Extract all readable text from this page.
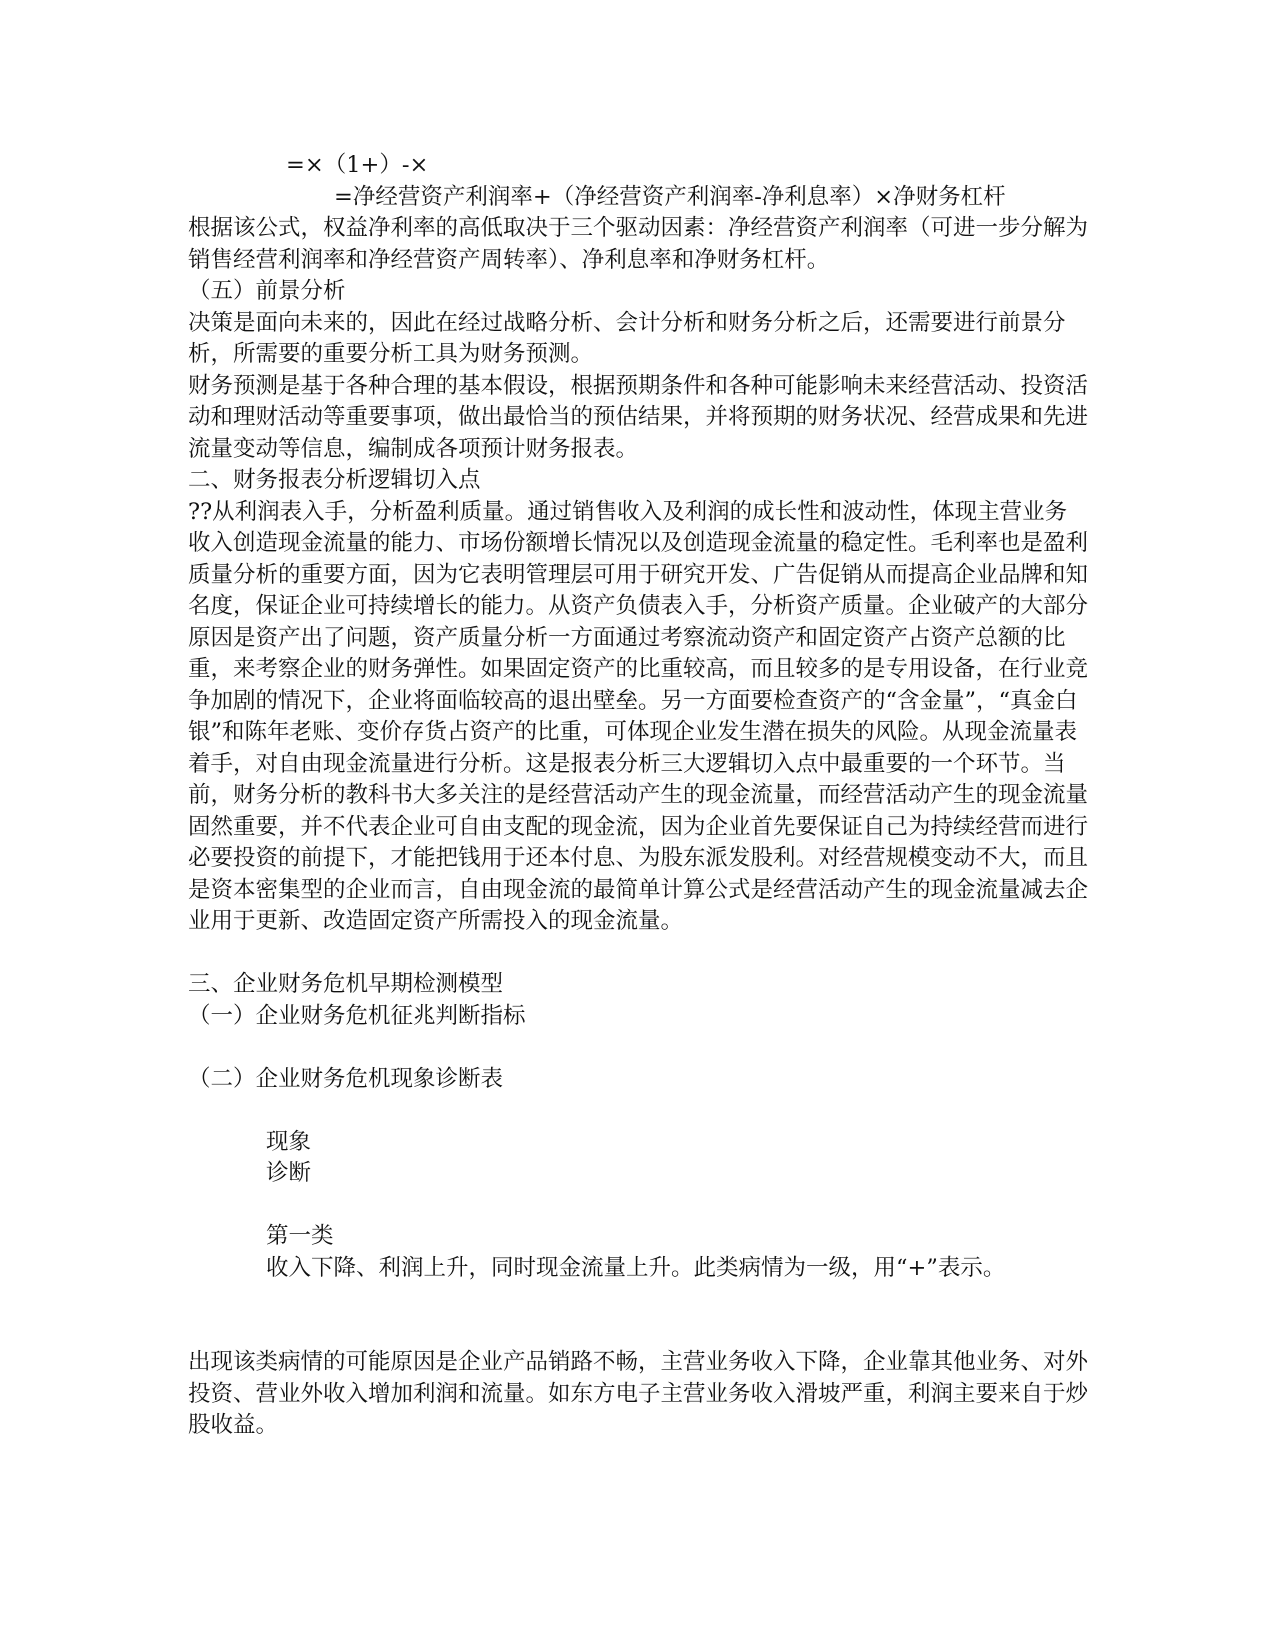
=×（1+）-×

=净经营资产利润率+（净经营资产利润率-净利息率）×净财务杠杆

根据该公式，权益净利率的高低取决于三个驱动因素：净经营资产利润率（可进一步分解为销售经营利润率和净经营资产周转率）、净利息率和净财务杠杆。

（五）前景分析

决策是面向未来的，因此在经过战略分析、会计分析和财务分析之后，还需要进行前景分析，所需要的重要分析工具为财务预测。

财务预测是基于各种合理的基本假设，根据预期条件和各种可能影响未来经营活动、投资活动和理财活动等重要事项，做出最恰当的预估结果，并将预期的财务状况、经营成果和先进流量变动等信息，编制成各项预计财务报表。

二、财务报表分析逻辑切入点

??从利润表入手，分析盈利质量。通过销售收入及利润的成长性和波动性，体现主营业务收入创造现金流量的能力、市场份额增长情况以及创造现金流量的稳定性。毛利率也是盈利质量分析的重要方面，因为它表明管理层可用于研究开发、广告促销从而提高企业品牌和知名度，保证企业可持续增长的能力。从资产负债表入手，分析资产质量。企业破产的大部分原因是资产出了问题，资产质量分析一方面通过考察流动资产和固定资产占资产总额的比重，来考察企业的财务弹性。如果固定资产的比重较高，而且较多的是专用设备，在行业竞争加剧的情况下，企业将面临较高的退出壁垒。另一方面要检查资产的“含金量”，“真金白银”和陈年老账、变价存货占资产的比重，可体现企业发生潜在损失的风险。从现金流量表着手，对自由现金流量进行分析。这是报表分析三大逻辑切入点中最重要的一个环节。当前，财务分析的教科书大多关注的是经营活动产生的现金流量，而经营活动产生的现金流量固然重要，并不代表企业可自由支配的现金流，因为企业首先要保证自己为持续经营而进行必要投资的前提下，才能把钱用于还本付息、为股东派发股利。对经营规模变动不大，而且是资本密集型的企业而言，自由现金流的最简单计算公式是经营活动产生的现金流量减去企业用于更新、改造固定资产所需投入的现金流量。

三、企业财务危机早期检测模型

（一）企业财务危机征兆判断指标

（二）企业财务危机现象诊断表

现象

诊断

第一类

收入下降、利润上升，同时现金流量上升。此类病情为一级，用“+”表示。

出现该类病情的可能原因是企业产品销路不畅，主营业务收入下降，企业靠其他业务、对外投资、营业外收入增加利润和流量。如东方电子主营业务收入滑坡严重，利润主要来自于炒股收益。
